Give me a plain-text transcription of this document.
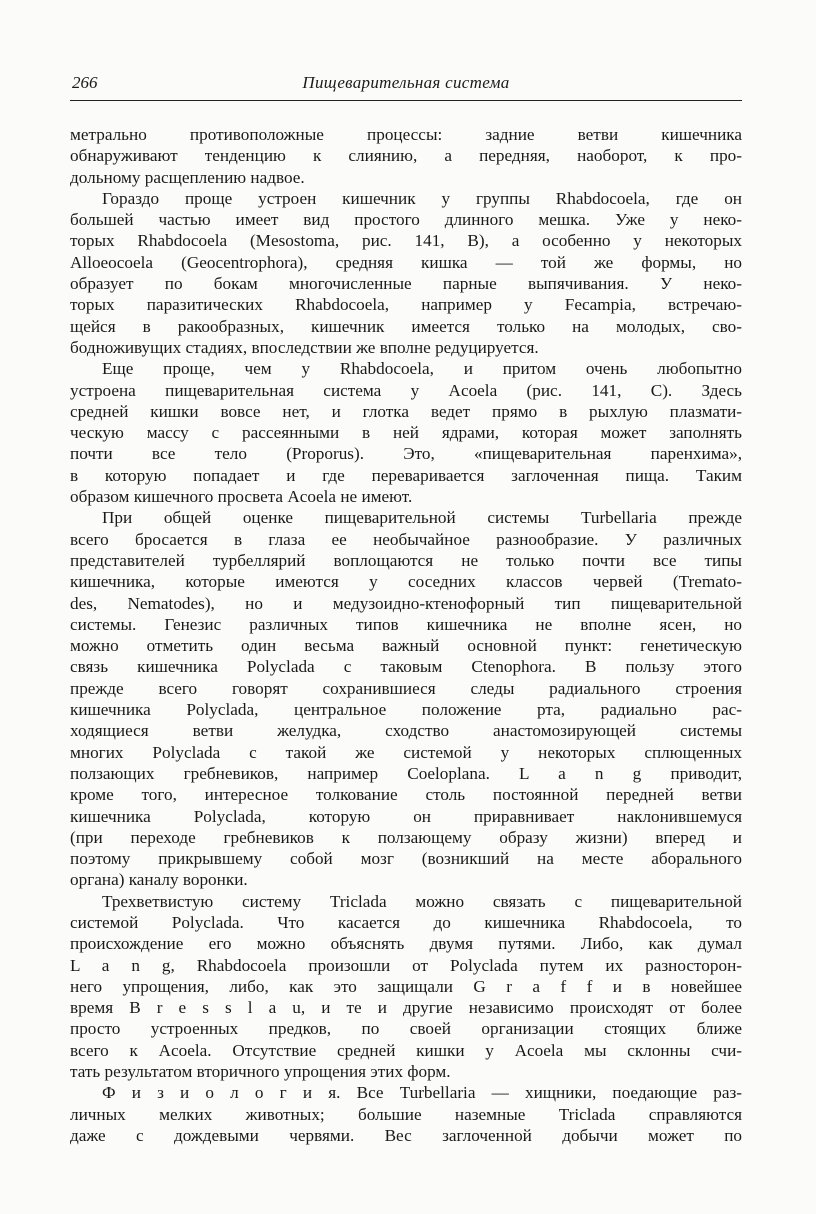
266	Пищеварительная система
метрально противоположные процессы: задние ветви кишечника
обнаруживают тенденцию к слиянию, а передняя, наоборот, к про-
дольному расщеплению надвое.
Гораздо проще устроен кишечник у группы Rhabdocoela, где он
большей частью имеет вид простого длинного мешка. Уже у неко-
торых Rhabdocoela (Mesostoma, рис. 141, B), а особенно у некоторых
Alloeocoela (Geocentrophora), средняя кишка — той же формы, но
образует по бокам многочисленные парные выпячивания. У неко-
торых паразитических Rhabdocoela, например у Fecampia, встречаю-
щейся в ракообразных, кишечник имеется только на молодых, сво-
бодноживущих стадиях, впоследствии же вполне редуцируется.
Еще проще, чем у Rhabdocoela, и притом очень любопытно
устроена пищеварительная система у Acoela (рис. 141, C). Здесь
средней кишки вовсе нет, и глотка ведет прямо в рыхлую плазмати-
ческую массу с рассеянными в ней ядрами, которая может заполнять
почти все тело (Proporus). Это, «пищеварительная паренхима»,
в которую попадает и где переваривается заглоченная пища. Таким
образом кишечного просвета Acoela не имеют.
При общей оценке пищеварительной системы Turbellaria прежде
всего бросается в глаза ее необычайное разнообразие. У различных
представителей турбеллярий воплощаются не только почти все типы
кишечника, которые имеются у соседних классов червей (Tremato-
des, Nematodes), но и медузоидно-ктенофорный тип пищеварительной
системы. Генезис различных типов кишечника не вполне ясен, но
можно отметить один весьма важный основной пункт: генетическую
связь кишечника Polyclada с таковым Ctenophora. В пользу этого
прежде всего говорят сохранившиеся следы радиального строения
кишечника Polyclada, центральное положение рта, радиально рас-
ходящиеся ветви желудка, сходство анастомозирующей системы
многих Polyclada с такой же системой у некоторых сплющенных
ползающих гребневиков, например Coeloplana. L a n g приводит,
кроме того, интересное толкование столь постоянной передней ветви
кишечника Polyclada, которую он приравнивает наклонившемуся
(при переходе гребневиков к ползающему образу жизни) вперед и
поэтому прикрывшему собой мозг (возникший на месте аборального
органа) каналу воронки.
Трехветвистую систему Triclada можно связать с пищеварительной
системой Polyclada. Что касается до кишечника Rhabdocoela, то
происхождение его можно объяснять двумя путями. Либо, как думал
L a n g, Rhabdocoela произошли от Polyclada путем их разносторон-
него упрощения, либо, как это защищали G r a f f и в новейшее
время B r e s s l a u, и те и другие независимо происходят от более
просто устроенных предков, по своей организации стоящих ближе
всего к Acoela. Отсутствие средней кишки у Acoela мы склонны счи-
тать результатом вторичного упрощения этих форм.
Ф и з и о л о г и я. Все Turbellaria — хищники, поедающие раз-
личных мелких животных; большие наземные Triclada справляются
даже с дождевыми червями. Вес заглоченной добычи может по
